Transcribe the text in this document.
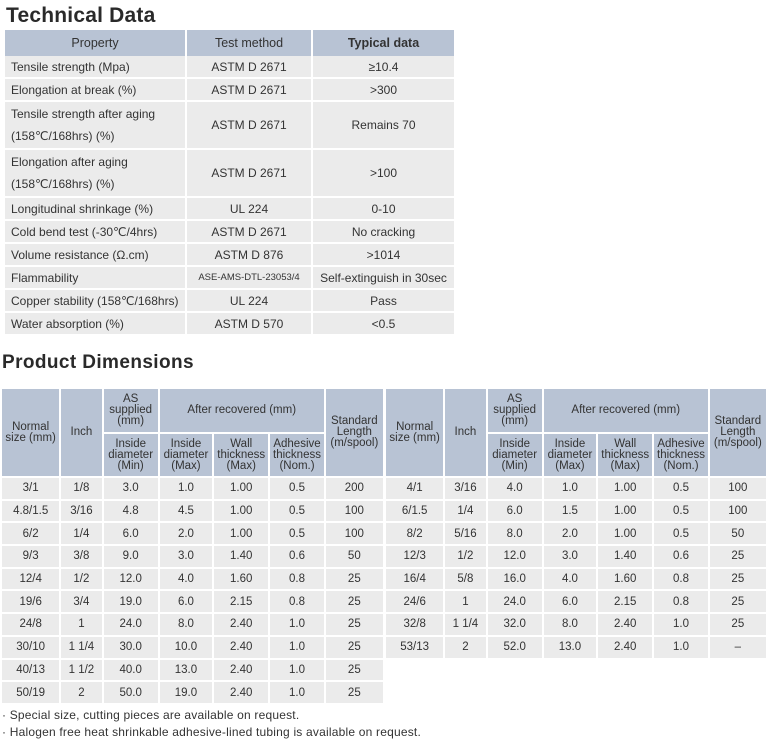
Technical Data
Property	Test method	Typical data

Tensile strength (Mpa)	ASTM D 2671	≥10.4

Elongation at break (%)	ASTM D 2671	>300

Tensile strength after aging
(158℃/168hrs) (%)	ASTM D 2671	Remains 70

Elongation after aging
(158℃/168hrs) (%)	ASTM D 2671	>100

Longitudinal shrinkage (%)	UL 224	0-10

Cold bend test (-30℃/4hrs)	ASTM D 2671	No cracking

Volume resistance (Ω.cm)	ASTM D 876	>1014

Flammability	ASE-AMS-DTL-23053/4	Self-extinguish in 30sec

Copper stability (158℃/168hrs)	UL 224	Pass

Water absorption (%)	ASTM D 570	<0.5
Product Dimensions
Normal size (mm)	Inch	AS supplied (mm)	After recovered (mm)			Standard Length (m/spool)
		Inside diameter (Min)	Inside diameter (Max)	Wall thickness (Max)	Adhesive thickness (Nom.)	
3/1	1/8	3.0	1.0	1.00	0.5	200
4.8/1.5	3/16	4.8	4.5	1.00	0.5	100
6/2	1/4	6.0	2.0	1.00	0.5	100
9/3	3/8	9.0	3.0	1.40	0.6	50
12/4	1/2	12.0	4.0	1.60	0.8	25
19/6	3/4	19.0	6.0	2.15	0.8	25
24/8	1	24.0	8.0	2.40	1.0	25
30/10	1 1/4	30.0	10.0	2.40	1.0	25
40/13	1 1/2	40.0	13.0	2.40	1.0	25
50/19	2	50.0	19.0	2.40	1.0	25
Normal size (mm)	Inch	AS supplied (mm)	After recovered (mm)			Standard Length (m/spool)
		Inside diameter (Min)	Inside diameter (Max)	Wall thickness (Max)	Adhesive thickness (Nom.)	
4/1	3/16	4.0	1.0	1.00	0.5	100
6/1.5	1/4	6.0	1.5	1.00	0.5	100
8/2	5/16	8.0	2.0	1.00	0.5	50
12/3	1/2	12.0	3.0	1.40	0.6	25
16/4	5/8	16.0	4.0	1.60	0.8	25
24/6	1	24.0	6.0	2.15	0.8	25
32/8	1 1/4	32.0	8.0	2.40	1.0	25
53/13	2	52.0	13.0	2.40	1.0	–
· Special size, cutting pieces are available on request.
· Halogen free heat shrinkable adhesive-lined tubing is available on request.
